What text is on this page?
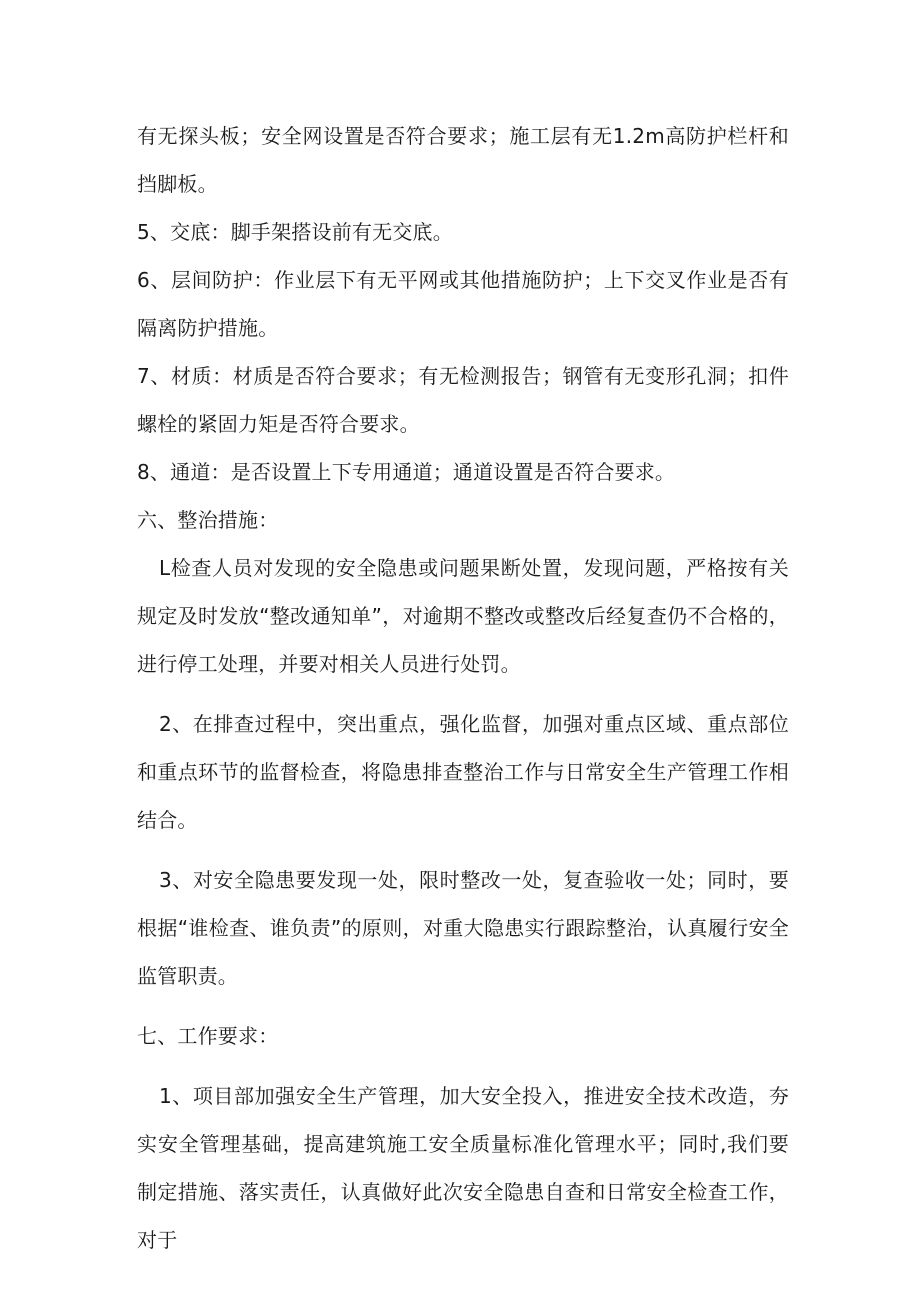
有无探头板；安全网设置是否符合要求；施工层有无1.2m高防护栏杆和挡脚板。

5、交底：脚手架搭设前有无交底。

6、层间防护：作业层下有无平网或其他措施防护；上下交叉作业是否有隔离防护措施。

7、材质：材质是否符合要求；有无检测报告；钢管有无变形孔洞；扣件螺栓的紧固力矩是否符合要求。

8、通道：是否设置上下专用通道；通道设置是否符合要求。

六、整治措施：

L检查人员对发现的安全隐患或问题果断处置，发现问题，严格按有关规定及时发放“整改通知单”，对逾期不整改或整改后经复查仍不合格的，进行停工处理，并要对相关人员进行处罚。

2、在排查过程中，突出重点，强化监督，加强对重点区域、重点部位和重点环节的监督检查，将隐患排查整治工作与日常安全生产管理工作相结合。

3、对安全隐患要发现一处，限时整改一处，复查验收一处；同时，要根据“谁检查、谁负责”的原则，对重大隐患实行跟踪整治，认真履行安全监管职责。

七、工作要求：

1、项目部加强安全生产管理，加大安全投入，推进安全技术改造，夯实安全管理基础，提高建筑施工安全质量标准化管理水平；同时,我们要制定措施、落实责任，认真做好此次安全隐患自查和日常安全检查工作，对于
